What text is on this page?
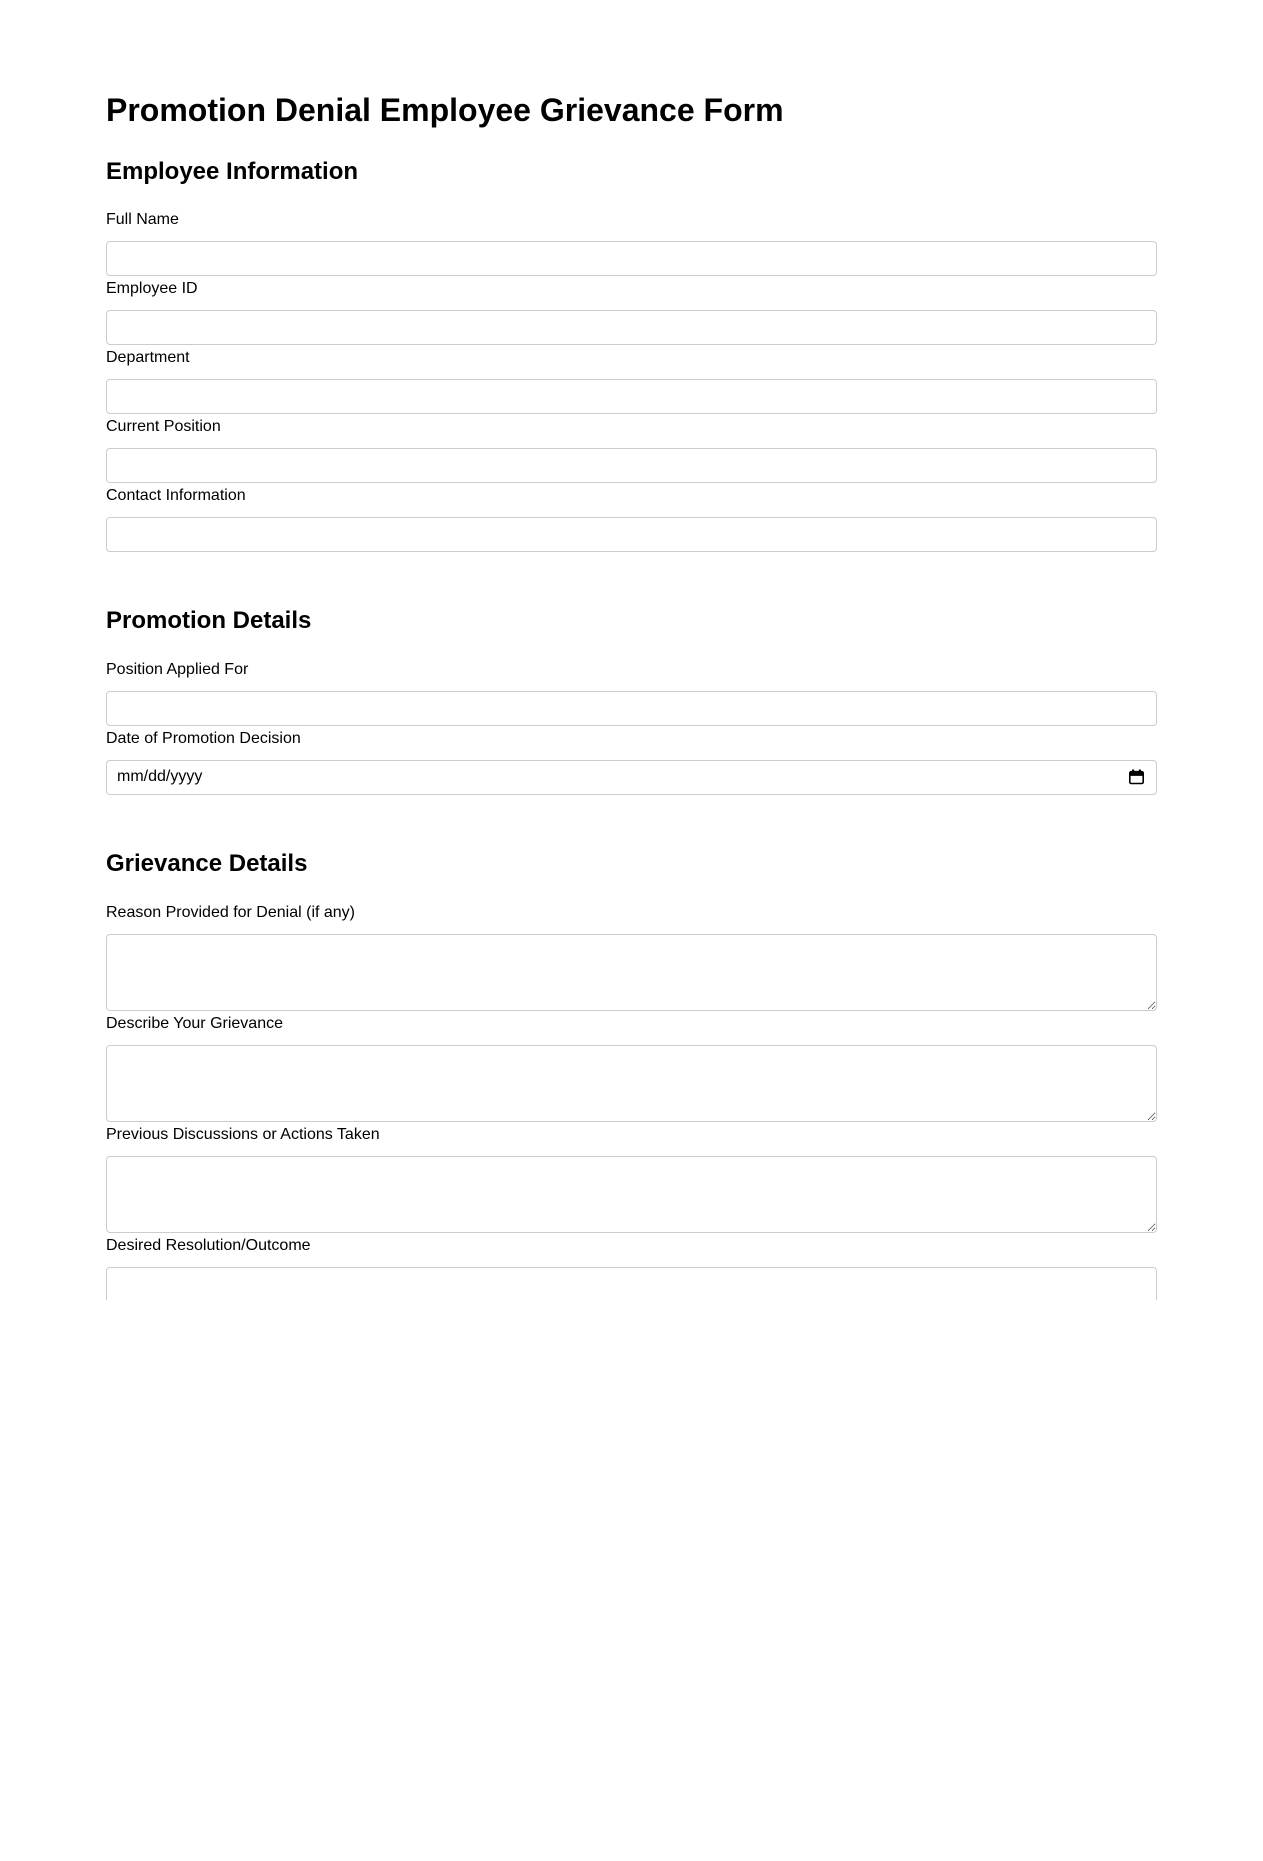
Promotion Denial Employee Grievance Form
Employee Information
Full Name
Employee ID
Department
Current Position
Contact Information
Promotion Details
Position Applied For
Date of Promotion Decision
mm/dd/yyyy
Grievance Details
Reason Provided for Denial (if any)
Describe Your Grievance
Previous Discussions or Actions Taken
Desired Resolution/Outcome
